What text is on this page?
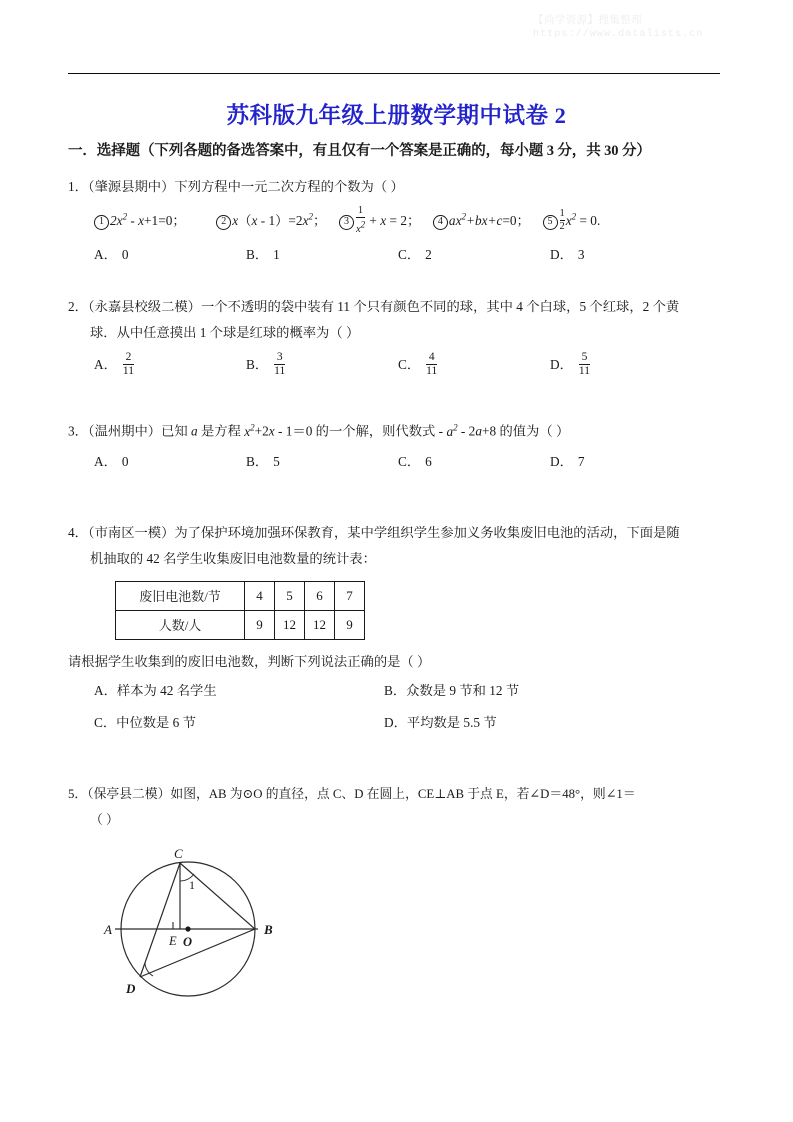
【尚学资源】搜集整理
https://www.datalists.cn
苏科版九年级上册数学期中试卷 2
一．选择题（下列各题的备选答案中，有且仅有一个答案是正确的，每小题 3 分，共 30 分）
1．（肇源县期中）下列方程中一元二次方程的个数为（ ）
1 $2x^2 - x+1=0$；	2 $x(x - 1)=2x^2$； $3 \frac{1}{x^2} + x = 2$； 4 $ax^2+bx+c=0$； $5 \frac{1}{2} x^2 = 0$.
A． 0	B． 1	C． 2	D． 3
2．（永嘉县校级二模）一个不透明的袋中装有 11 个只有颜色不同的球，其中 4 个白球，5 个红球，2 个黄
球．从中任意摸出 1 个球是红球的概率为（ ）
A． $\frac{2}{11}$	B． $\frac{3}{11}$	C． $\frac{4}{11}$	D． $\frac{5}{11}$
3．（温州期中）已知 a 是方程 $x^2+2x - 1=0$ 的一个解，则代数式 - $a^2 - 2a+8$ 的值为（ ）
A． 0	B． 5	C． 6	D． 7
4．（市南区一模）为了保护环境加强环保教育，某中学组织学生参加义务收集废旧电池的活动，下面是随
机抽取的 42 名学生收集废旧电池数量的统计表：
废旧电池数/节	4	5	6	7
人数/人	9	12	12	9
请根据学生收集到的废旧电池数，判断下列说法正确的是（ ）
A．样本为 42 名学生	B．众数是 9 节和 12 节
C．中位数是 6 节	D．平均数是 5.5 节
5．（保亭县二模）如图，AB 为⊙O 的直径，点 C、D 在圆上，CE⊥AB 于点 E，若∠D＝48°，则∠1＝
（ ）
A	B
C
D
E O
1
